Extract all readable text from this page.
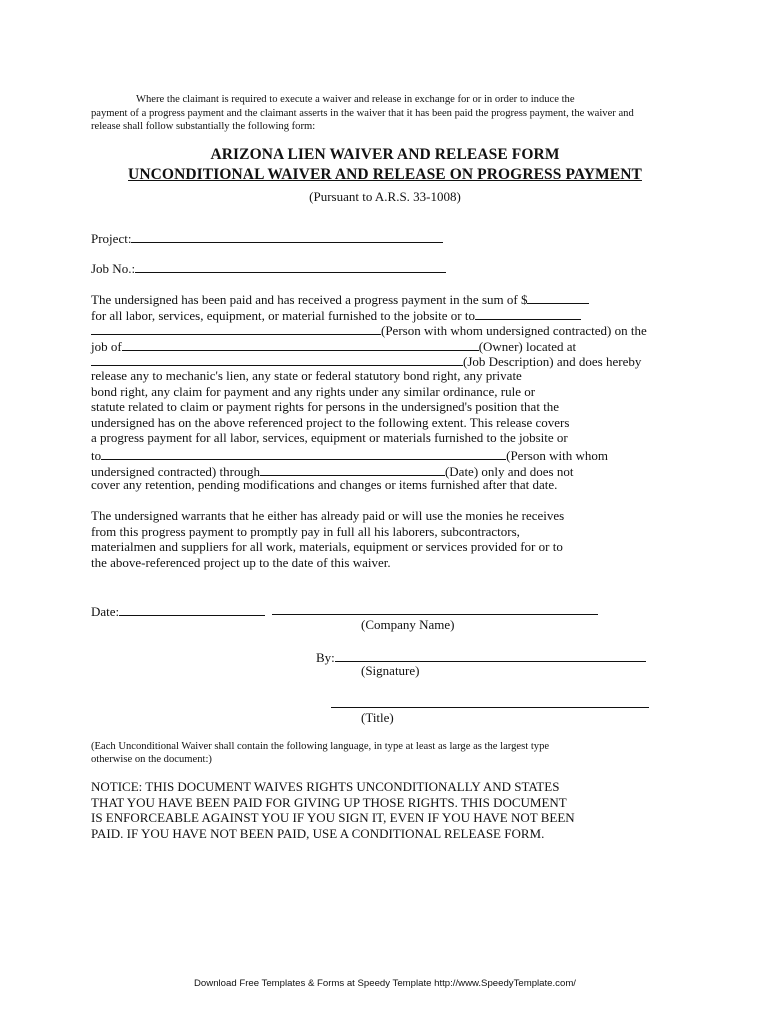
Where the claimant is required to execute a waiver and release in exchange for or in order to induce the
payment of a progress payment and the claimant asserts in the waiver that it has been paid the progress payment, the waiver and
release shall follow substantially the following form:
ARIZONA LIEN WAIVER AND RELEASE FORM
UNCONDITIONAL WAIVER AND RELEASE ON PROGRESS PAYMENT
(Pursuant to A.R.S. 33-1008)
Project:
Job No.:
The undersigned has been paid and has received a progress payment in the sum of $
for all labor, services, equipment, or material furnished to the jobsite or to
(Person with whom undersigned contracted) on the
job of	(Owner) located at
(Job Description) and does hereby
release any to mechanic's lien, any state or federal statutory bond right, any private
bond right, any claim for payment and any rights under any similar ordinance, rule or
statute related to claim or payment rights for persons in the undersigned's position that the
undersigned has on the above referenced project to the following extent. This release covers
a progress payment for all labor, services, equipment or materials furnished to the jobsite or
to	(Person with whom
undersigned contracted) through	(Date) only and does not
cover any retention, pending modifications and changes or items furnished after that date.
The undersigned warrants that he either has already paid or will use the monies he receives
from this progress payment to promptly pay in full all his laborers, subcontractors,
materialmen and suppliers for all work, materials, equipment or services provided for or to
the above-referenced project up to the date of this waiver.
Date:
(Company Name)
By:
(Signature)
(Title)
(Each Unconditional Waiver shall contain the following language, in type at least as large as the largest type
otherwise on the document:)
NOTICE: THIS DOCUMENT WAIVES RIGHTS UNCONDITIONALLY AND STATES
THAT YOU HAVE BEEN PAID FOR GIVING UP THOSE RIGHTS. THIS DOCUMENT
IS ENFORCEABLE AGAINST YOU IF YOU SIGN IT, EVEN IF YOU HAVE NOT BEEN
PAID. IF YOU HAVE NOT BEEN PAID, USE A CONDITIONAL RELEASE FORM.
Download Free Templates & Forms at Speedy Template http://www.SpeedyTemplate.com/
